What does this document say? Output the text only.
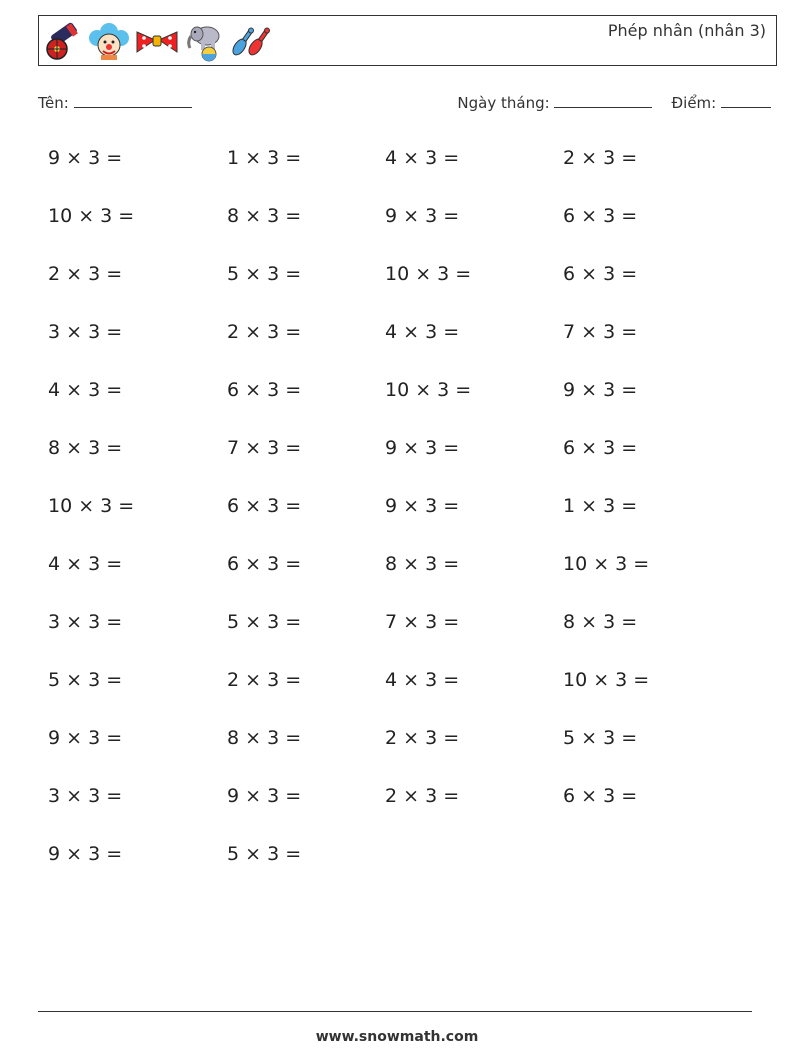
Phép nhân (nhân 3)
Tên:	Ngày tháng:	Điểm:
9 × 3 =	1 × 3 =	4 × 3 =	2 × 3 =
10 × 3 =	8 × 3 =	9 × 3 =	6 × 3 =
2 × 3 =	5 × 3 =	10 × 3 =	6 × 3 =
3 × 3 =	2 × 3 =	4 × 3 =	7 × 3 =
4 × 3 =	6 × 3 =	10 × 3 =	9 × 3 =
8 × 3 =	7 × 3 =	9 × 3 =	6 × 3 =
10 × 3 =	6 × 3 =	9 × 3 =	1 × 3 =
4 × 3 =	6 × 3 =	8 × 3 =	10 × 3 =
3 × 3 =	5 × 3 =	7 × 3 =	8 × 3 =
5 × 3 =	2 × 3 =	4 × 3 =	10 × 3 =
9 × 3 =	8 × 3 =	2 × 3 =	5 × 3 =
3 × 3 =	9 × 3 =	2 × 3 =	6 × 3 =
9 × 3 =	5 × 3 =
www.snowmath.com
